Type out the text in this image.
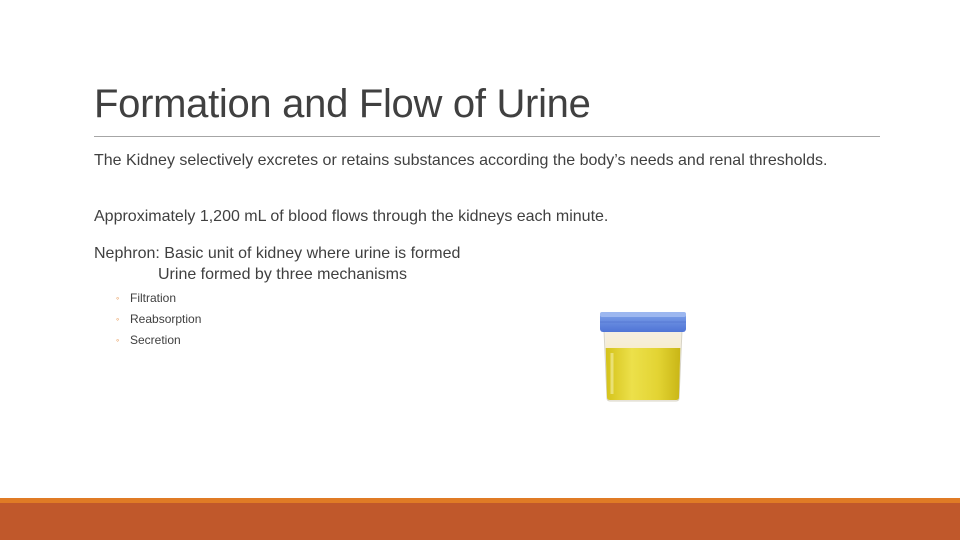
Formation and Flow of Urine
The Kidney selectively excretes or retains substances according the body’s needs and renal thresholds.
Approximately 1,200 mL of blood flows through the kidneys each minute.
Nephron: Basic unit of kidney where urine is formed
Urine formed by three mechanisms
◦ Filtration
◦ Reabsorption
◦ Secretion
